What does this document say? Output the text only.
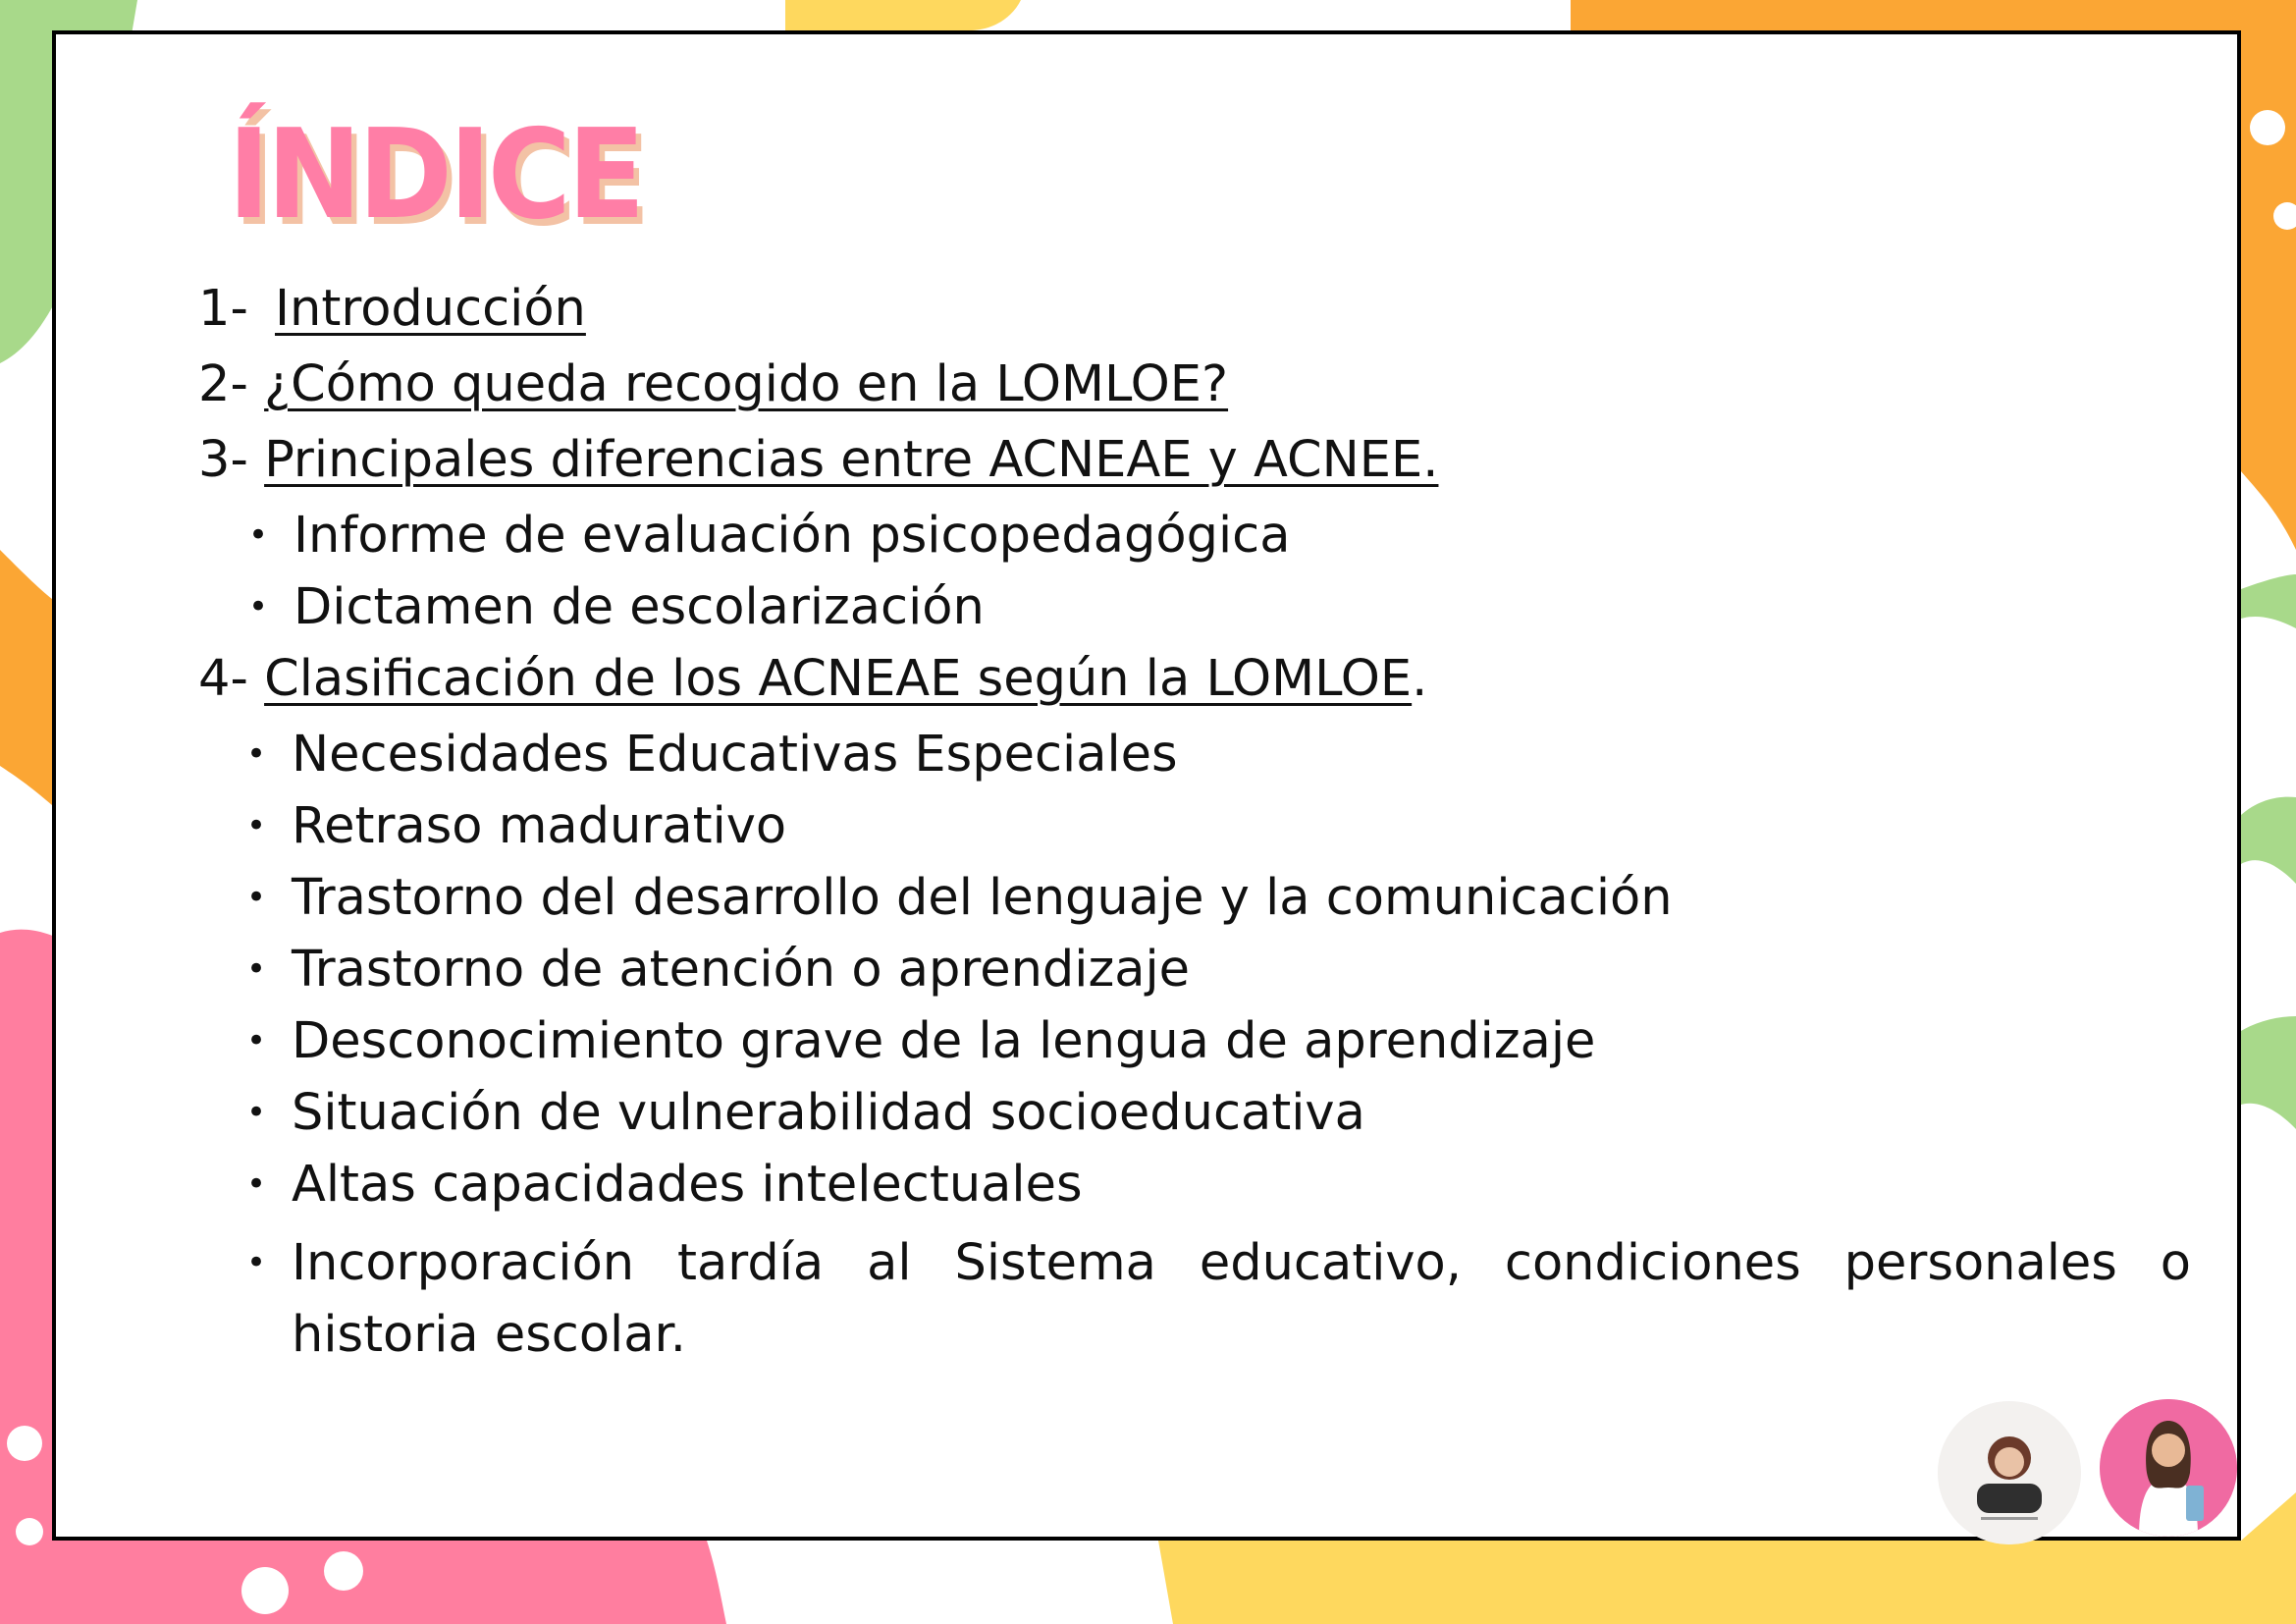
ÍNDICE
1- Introducción
2-
¿Cómo queda recogido en la LOMLOE?
3-
Principales diferencias entre ACNEAE y ACNEE.
• Informe de evaluación psicopedagógica
• Dictamen de escolarización
4-
Clasificación de los ACNEAE según la LOMLOE .
• Necesidades Educativas Especiales
• Retraso madurativo
• Trastorno del desarrollo del lenguaje y la comunicación
• Trastorno de atención o aprendizaje
• Desconocimiento grave de la lengua de aprendizaje
• Situación de vulnerabilidad socioeducativa
• Altas capacidades intelectuales
• Incorporación tardía al Sistema educativo, condiciones personales o historia escolar.
